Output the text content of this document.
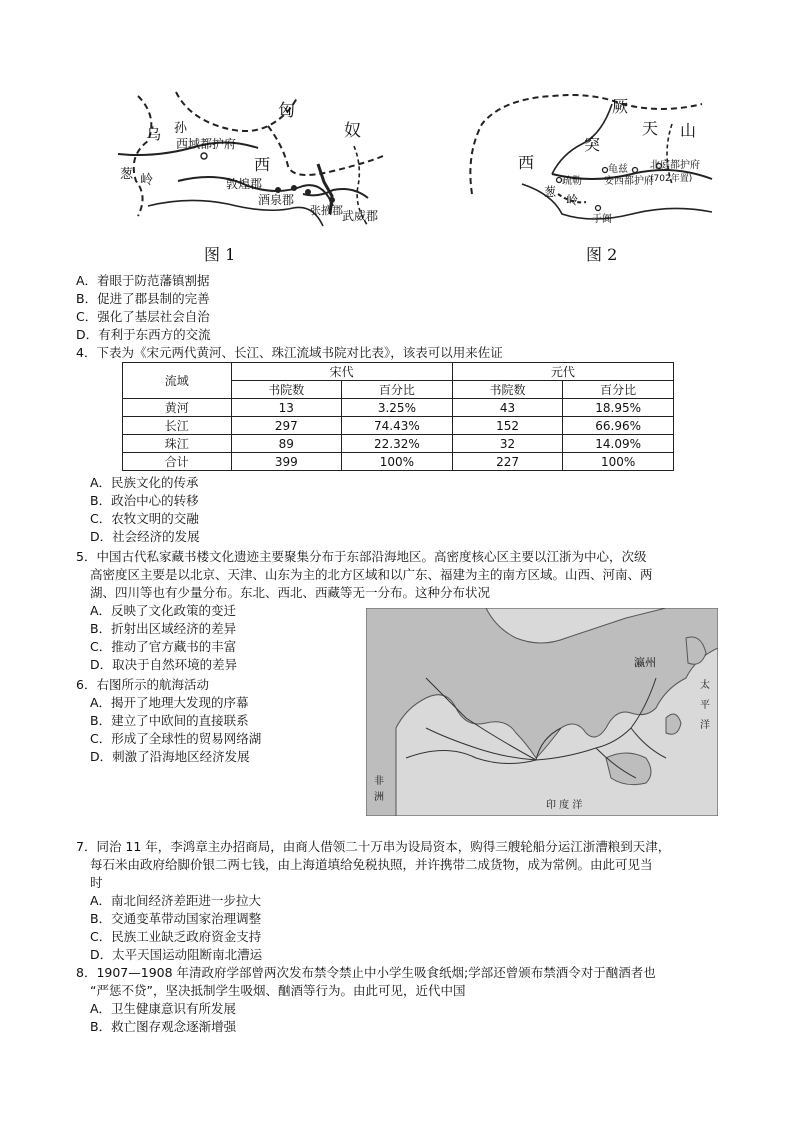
乌 孙
匈
奴
西域都护府
西
敦煌郡
酒泉郡
张掖郡 武威郡
葱 岭
图 1
西
突
厥
天 山
北庭都护府
(702年置)
龟兹
安西都护府
疏勒
于阗
葱
岭
图 2
A．着眼于防范藩镇割据
B．促进了郡县制的完善
C．强化了基层社会自治
D．有利于东西方的交流
4．下表为《宋元两代黄河、长江、珠江流域书院对比表》，该表可以用来佐证
流域	宋代		元代	
	书院数	百分比	书院数	百分比
黄河	13	3.25%	43	18.95%
长江	297	74.43%	152	66.96%
珠江	89	22.32%	32	14.09%
合计	399	100%	227	100%
A．民族文化的传承
B．政治中心的转移
C．农牧文明的交融
D．社会经济的发展
5．中国古代私家藏书楼文化遗迹主要聚集分布于东部沿海地区。高密度核心区主要以江浙为中心，次级
高密度区主要是以北京、天津、山东为主的北方区域和以广东、福建为主的南方区域。山西、河南、两
湖、四川等也有少量分布。东北、西北、西藏等无一分布。这种分布状况
A．反映了文化政策的变迁
B．折射出区域经济的差异
C．推动了官方藏书的丰富
D．取决于自然环境的差异
6．右图所示的航海活动
A．揭开了地理大发现的序幕
B．建立了中欧间的直接联系
C．形成了全球性的贸易网络湖
D．刺激了沿海地区经济发展
瀛州
太
平
洋
印 度 洋
非
洲
7．同治 11 年，李鸿章主办招商局，由商人借领二十万串为设局资本，购得三艘轮船分运江浙漕粮到天津，
每石米由政府给脚价银二两七钱，由上海道填给免税执照，并许携带二成货物，成为常例。由此可见当
时
A．南北间经济差距进一步拉大
B．交通变革带动国家治理调整
C．民族工业缺乏政府资金支持
D．太平天国运动阻断南北漕运
8．1907—1908 年清政府学部曾两次发布禁令禁止中小学生吸食纸烟;学部还曾颁布禁酒令对于酗酒者也
“严惩不贷”，坚决抵制学生吸烟、酗酒等行为。由此可见，近代中国
A．卫生健康意识有所发展
B．救亡图存观念逐渐增强
